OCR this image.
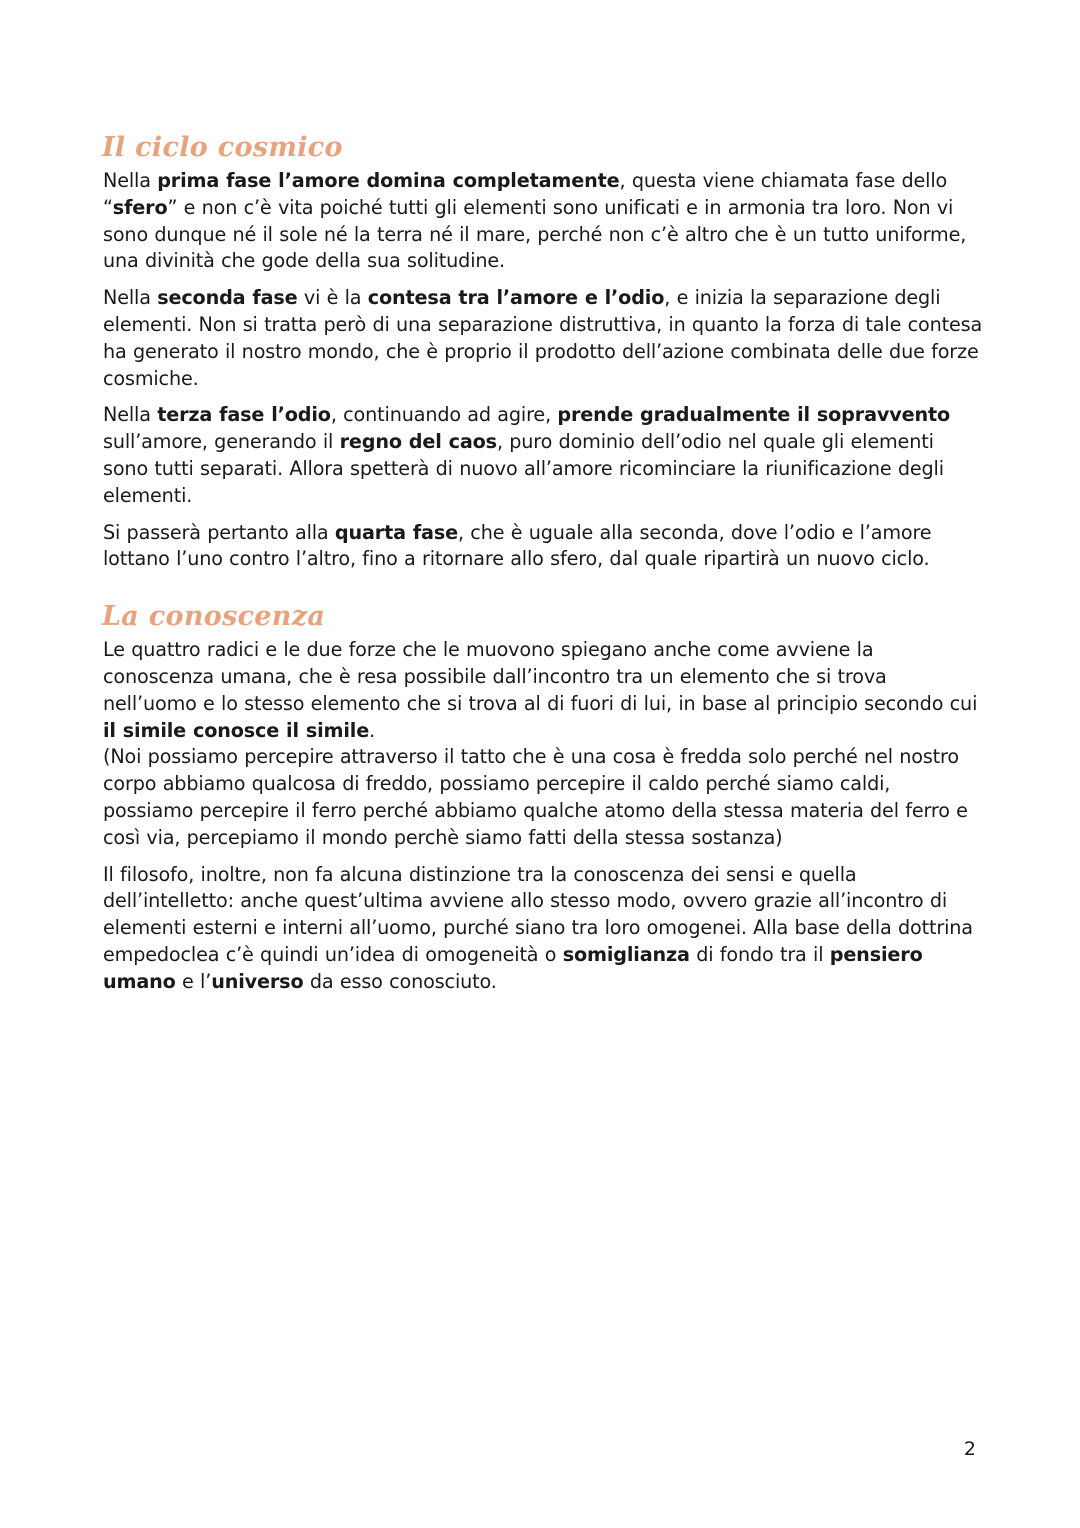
Il ciclo cosmico

Nella prima fase l’amore domina completamente, questa viene chiamata fase dello “sfero” e non c’è vita poiché tutti gli elementi sono unificati e in armonia tra loro. Non vi sono dunque né il sole né la terra né il mare, perché non c’è altro che è un tutto uniforme, una divinità che gode della sua solitudine.

Nella seconda fase vi è la contesa tra l’amore e l’odio, e inizia la separazione degli elementi. Non si tratta però di una separazione distruttiva, in quanto la forza di tale contesa ha generato il nostro mondo, che è proprio il prodotto dell’azione combinata delle due forze cosmiche.

Nella terza fase l’odio, continuando ad agire, prende gradualmente il sopravvento sull’amore, generando il regno del caos, puro dominio dell’odio nel quale gli elementi sono tutti separati. Allora spetterà di nuovo all’amore ricominciare la riunificazione degli elementi.

Si passerà pertanto alla quarta fase, che è uguale alla seconda, dove l’odio e l’amore lottano l’uno contro l’altro, fino a ritornare allo sfero, dal quale ripartirà un nuovo ciclo.

La conoscenza

Le quattro radici e le due forze che le muovono spiegano anche come avviene la conoscenza umana, che è resa possibile dall’incontro tra un elemento che si trova nell’uomo e lo stesso elemento che si trova al di fuori di lui, in base al principio secondo cui il simile conosce il simile.

(Noi possiamo percepire attraverso il tatto che è una cosa è fredda solo perché nel nostro corpo abbiamo qualcosa di freddo, possiamo percepire il caldo perché siamo caldi, possiamo percepire il ferro perché abbiamo qualche atomo della stessa materia del ferro e così via, percepiamo il mondo perchè siamo fatti della stessa sostanza)

Il filosofo, inoltre, non fa alcuna distinzione tra la conoscenza dei sensi e quella dell’intelletto: anche quest’ultima avviene allo stesso modo, ovvero grazie all’incontro di elementi esterni e interni all’uomo, purché siano tra loro omogenei. Alla base della dottrina empedoclea c’è quindi un’idea di omogeneità o somiglianza di fondo tra il pensiero umano e l’universo da esso conosciuto.

2
